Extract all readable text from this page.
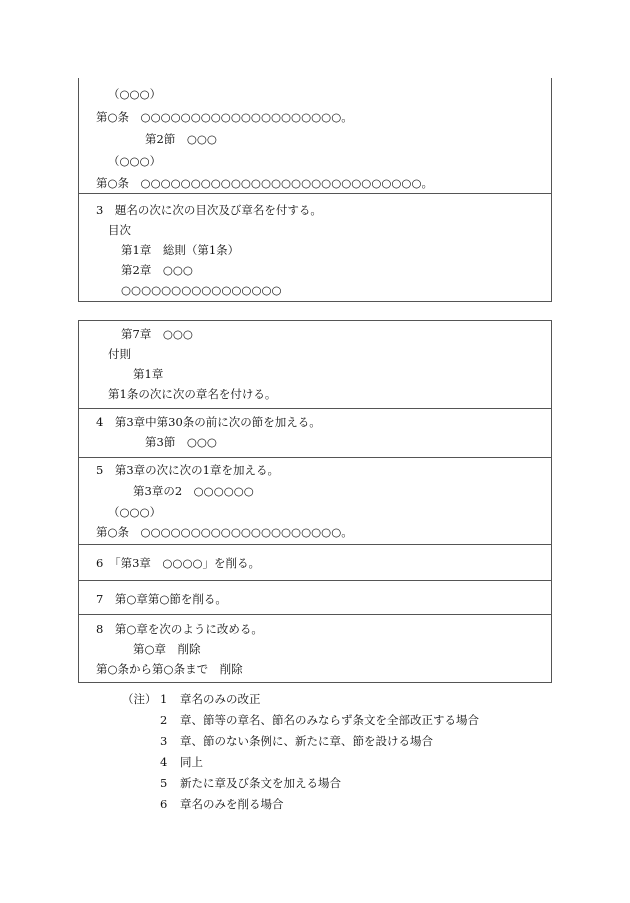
（○○○）
第○条　○○○○○○○○○○○○○○○○○○○○。
第2節　○○○
（○○○）
第○条　○○○○○○○○○○○○○○○○○○○○○○○○○○○○。
3　題名の次に次の目次及び章名を付する。
目次
第1章　総則（第1条）
第2章　○○○
○○○○○○○○○○○○○○○○
第7章　○○○
付則
第1章
第1条の次に次の章名を付ける。
4　第3章中第30条の前に次の節を加える。
第3節　○○○
5　第3章の次に次の1章を加える。
第3章の2　○○○○○○
（○○○）
第○条　○○○○○○○○○○○○○○○○○○○○。
6　「第3章　○○○○」を削る。
7　第○章第○節を削る。
8　第○章を次のように改める。
第○章　削除
第○条から第○条まで　削除
（注） 1 章名のみの改正
2 章、節等の章名、節名のみならず条文を全部改正する場合
3 章、節のない条例に、新たに章、節を設ける場合
4 同上
5 新たに章及び条文を加える場合
6 章名のみを削る場合
